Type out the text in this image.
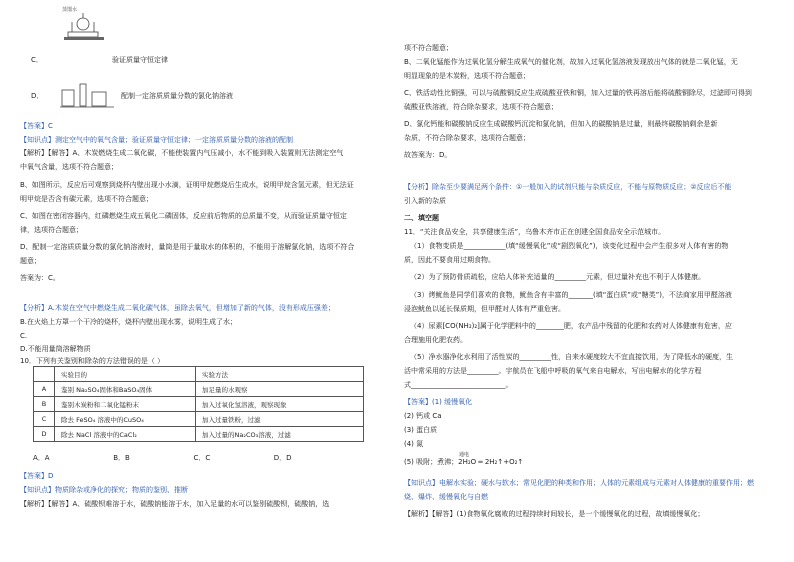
蒸馏水
C．	验证质量守恒定律
D．	配制一定溶质质量分数的氯化钠溶液
【答案】C
【知识点】测定空气中的氧气含量；验证质量守恒定律；一定溶质质量分数的溶液的配制
【解析】【解答】A、木炭燃烧生成二氧化碳，不能使装置内气压减小，水不能到吸入装置则无法测定空气
中氧气含量，选项不符合题意；
B、如图所示，反应后可观察到烧杯内壁出现小水滴，证明甲烷燃烧后生成水，说明甲烷含氢元素，但无法证
明甲烷是否含有碳元素，选项不符合题意；
C、如图在密闭容器内，红磷燃烧生成五氧化二磷固体，反应前后物质的总质量不变，从而验证质量守恒定
律，选项符合题意；
D、配制一定溶质质量分数的氯化钠溶液时，量筒是用于量取水的体积的，不能用于溶解氯化钠，选项不符合
题意；
答案为：C。
【分析】A.木炭在空气中燃烧生成二氧化碳气体，虽除去氧气，但增加了新的气体，没有形成压强差；
B.在火焰上方罩一个干冷的烧杯，烧杯内壁出现水雾，说明生成了水；
C.
D.不能用量筒溶解物质
10．下列有关鉴别和除杂的方法错误的是（ ）
	实验目的	实验方法
A	鉴别 Na₂SO₄固体和BaSO₄固体	加足量的水观察
B	鉴别木炭粉和二氧化锰粉末	加入过氧化氢溶液，观察现象
C	除去 FeSO₄ 溶液中的CuSO₄	加入过量铁粉，过滤
D	除去 NaCl 溶液中的CaCl₂	加入过量的Na₂CO₃溶液，过滤
A．A	B．B	C．C	D．D
【答案】D
【知识点】物质除杂或净化的探究；物质的鉴别、推断
【解析】【解答】A、硫酸钡难溶于水，硫酸钠能溶于水，加入足量的水可以鉴别硫酸钡，硫酸钠，选
项不符合题意；
B、二氧化锰能作为过氧化氢分解生成氧气的催化剂，故加入过氧化氢溶液发现放出气体的就是二氧化锰，无
明显现象的是木炭粉，选项不符合题意；
C、铁活动性比铜强，可以与硫酸铜反应生成硫酸亚铁和铜，加入过量的铁再溶后能将硫酸铜除尽，过滤即可得到
硫酸亚铁溶液，符合除杂要求，选项不符合题意；
D、氯化钙能和碳酸钠反应生成碳酸钙沉淀和氯化钠，但加入的碳酸钠是过量，则最终碳酸钠剩余是新
杂质，不符合除杂要求，选项符合题意；
故答案为：D。
【分析】除杂至少要满足两个条件：①一般加入的试剂只能与杂质反应，不能与原物质反应；②反应后不能
引入新的杂质
二、填空题
11．“关注食品安全，共享健康生活”，乌鲁木齐市正在创建全国食品安全示范城市。
（1）食物变质是____________(填“缓慢氧化”或“剧烈氧化”)，该变化过程中会产生很多对人体有害的物
质，因此不要食用过期食物。
（2）为了预防骨质疏松，应给人体补充适量的_________元素，但过量补充也不利于人体健康。
（3）烤鱿鱼是同学们喜欢的食物，鱿鱼含有丰富的_______(填“蛋白质”或“糖类”)，不法商家用甲醛溶液
浸泡鱿鱼以延长保质期，但甲醛对人体有严重危害。
（4）尿素[CO(NH₂)₂]属于化学肥料中的________肥，农产品中残留的化肥和农药对人体健康有危害，应
合理施用化肥农药。
（5）净水器净化水利用了活性炭的_________性，自来水硬度较大不宜直接饮用，为了降低水的硬度，生
活中常采用的方法是_________。宇航员在飞船中呼吸的氧气来自电解水，写出电解水的化学方程
式___________________________。
【答案】(1) 缓慢氧化
(2) 钙或 Ca
(3) 蛋白质
(4) 氮
通电
(5) 吸附；煮沸；2H₂O ═ 2H₂↑+O₂↑
【知识点】电解水实验；硬水与软水；常见化肥的种类和作用；人体的元素组成与元素对人体健康的重要作用；燃
烧、爆炸、缓慢氧化与自燃
【解析】【解答】(1)食物氧化腐败的过程持续时间较长，是一个缓慢氧化的过程，故填缓慢氧化；
